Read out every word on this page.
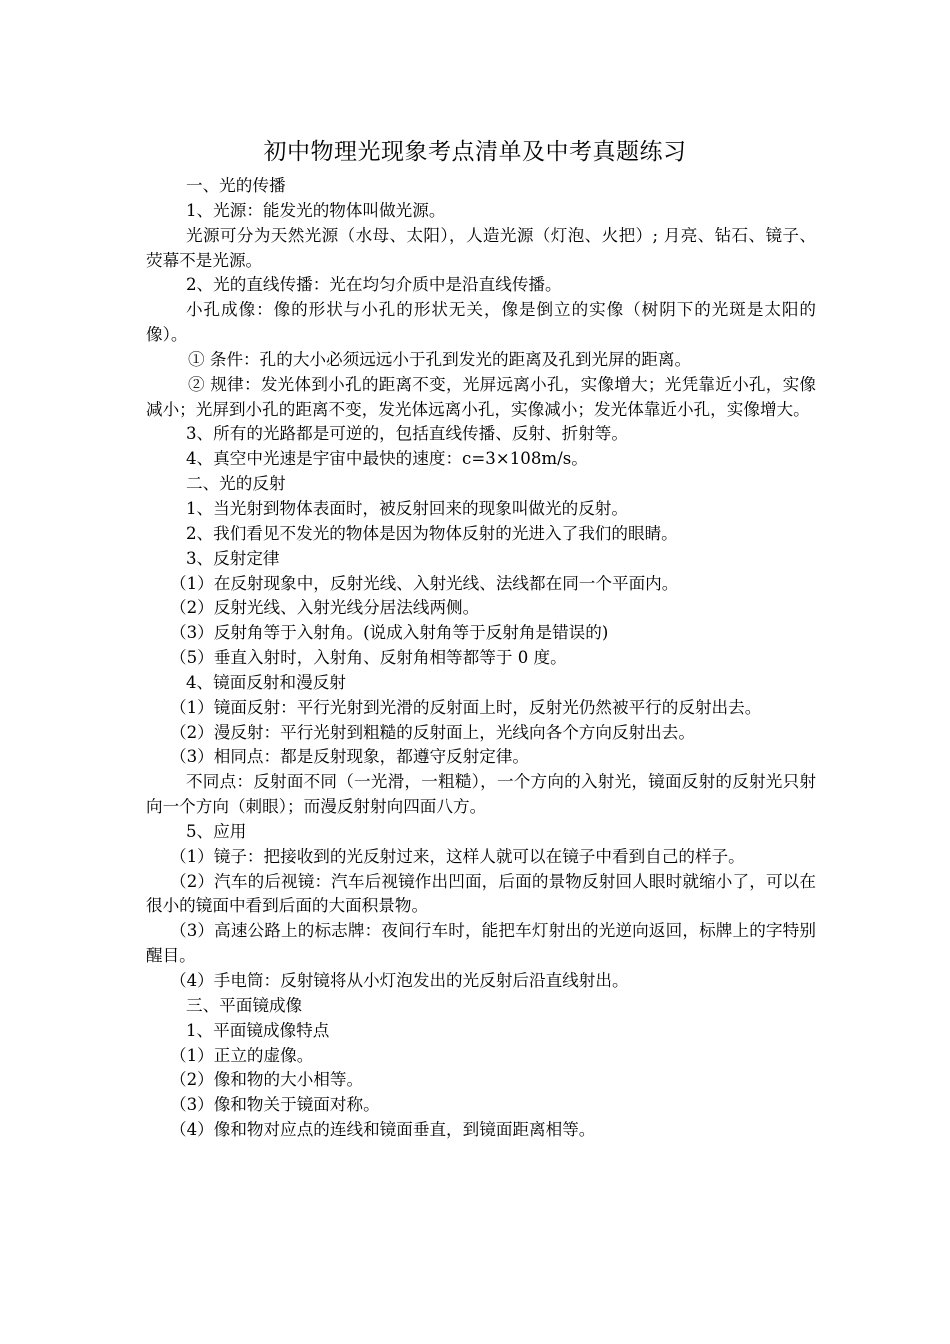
初中物理光现象考点清单及中考真题练习

一、光的传播

1、光源：能发光的物体叫做光源。

光源可分为天然光源（水母、太阳），人造光源（灯泡、火把）; 月亮、钻石、镜子、荧幕不是光源。

2、光的直线传播：光在均匀介质中是沿直线传播。

小孔成像：像的形状与小孔的形状无关，像是倒立的实像（树阴下的光斑是太阳的像）。

① 条件：孔的大小必须远远小于孔到发光的距离及孔到光屏的距离。

② 规律：发光体到小孔的距离不变，光屏远离小孔，实像增大；光凭靠近小孔，实像减小；光屏到小孔的距离不变，发光体远离小孔，实像减小；发光体靠近小孔，实像增大。

3、所有的光路都是可逆的，包括直线传播、反射、折射等。

4、真空中光速是宇宙中最快的速度：c=3×108m/s。

二、光的反射

1、当光射到物体表面时，被反射回来的现象叫做光的反射。

2、我们看见不发光的物体是因为物体反射的光进入了我们的眼睛。

3、反射定律

（1）在反射现象中，反射光线、入射光线、法线都在同一个平面内。

（2）反射光线、入射光线分居法线两侧。

（3）反射角等于入射角。(说成入射角等于反射角是错误的)

（5）垂直入射时，入射角、反射角相等都等于 0 度。

4、镜面反射和漫反射

（1）镜面反射：平行光射到光滑的反射面上时，反射光仍然被平行的反射出去。

（2）漫反射：平行光射到粗糙的反射面上，光线向各个方向反射出去。

（3）相同点：都是反射现象，都遵守反射定律。

不同点：反射面不同（一光滑，一粗糙），一个方向的入射光，镜面反射的反射光只射向一个方向（刺眼）；而漫反射射向四面八方。

5、应用

（1）镜子：把接收到的光反射过来，这样人就可以在镜子中看到自己的样子。

（2）汽车的后视镜：汽车后视镜作出凹面，后面的景物反射回人眼时就缩小了，可以在很小的镜面中看到后面的大面积景物。

（3）高速公路上的标志牌：夜间行车时，能把车灯射出的光逆向返回，标牌上的字特别醒目。

（4）手电筒：反射镜将从小灯泡发出的光反射后沿直线射出。

三、平面镜成像

1、平面镜成像特点

（1）正立的虚像。

（2）像和物的大小相等。

（3）像和物关于镜面对称。

（4）像和物对应点的连线和镜面垂直，到镜面距离相等。
